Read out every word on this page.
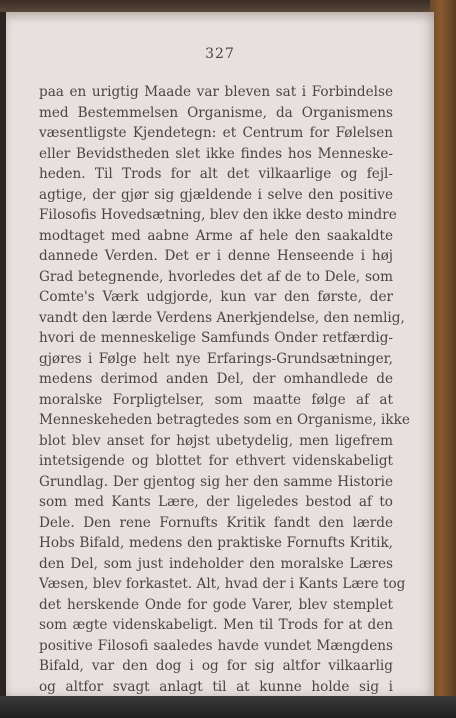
327
paa en urigtig Maade var bleven sat i Forbindelse
med Bestemmelsen Organisme, da Organismens
væsentligste Kjendetegn: et Centrum for Følelsen
eller Bevidstheden slet ikke findes hos Menneske-
heden. Til Trods for alt det vilkaarlige og fejl-
agtige, der gjør sig gjældende i selve den positive
Filosofis Hovedsætning, blev den ikke desto mindre
modtaget med aabne Arme af hele den saakaldte
dannede Verden. Det er i denne Henseende i høj
Grad betegnende, hvorledes det af de to Dele, som
Comte's Værk udgjorde, kun var den første, der
vandt den lærde Verdens Anerkjendelse, den nemlig,
hvori de menneskelige Samfunds Onder retfærdig-
gjøres i Følge helt nye Erfarings-Grundsætninger,
medens derimod anden Del, der omhandlede de
moralske Forpligtelser, som maatte følge af at
Menneskeheden betragtedes som en Organisme, ikke
blot blev anset for højst ubetydelig, men ligefrem
intetsigende og blottet for ethvert videnskabeligt
Grundlag. Der gjentog sig her den samme Historie
som med Kants Lære, der ligeledes bestod af to
Dele. Den rene Fornufts Kritik fandt den lærde
Hobs Bifald, medens den praktiske Fornufts Kritik,
den Del, som just indeholder den moralske Læres
Væsen, blev forkastet. Alt, hvad der i Kants Lære tog
det herskende Onde for gode Varer, blev stemplet
som ægte videnskabeligt. Men til Trods for at den
positive Filosofi saaledes havde vundet Mængdens
Bifald, var den dog i og for sig altfor vilkaarlig
og altfor svagt anlagt til at kunne holde sig i
